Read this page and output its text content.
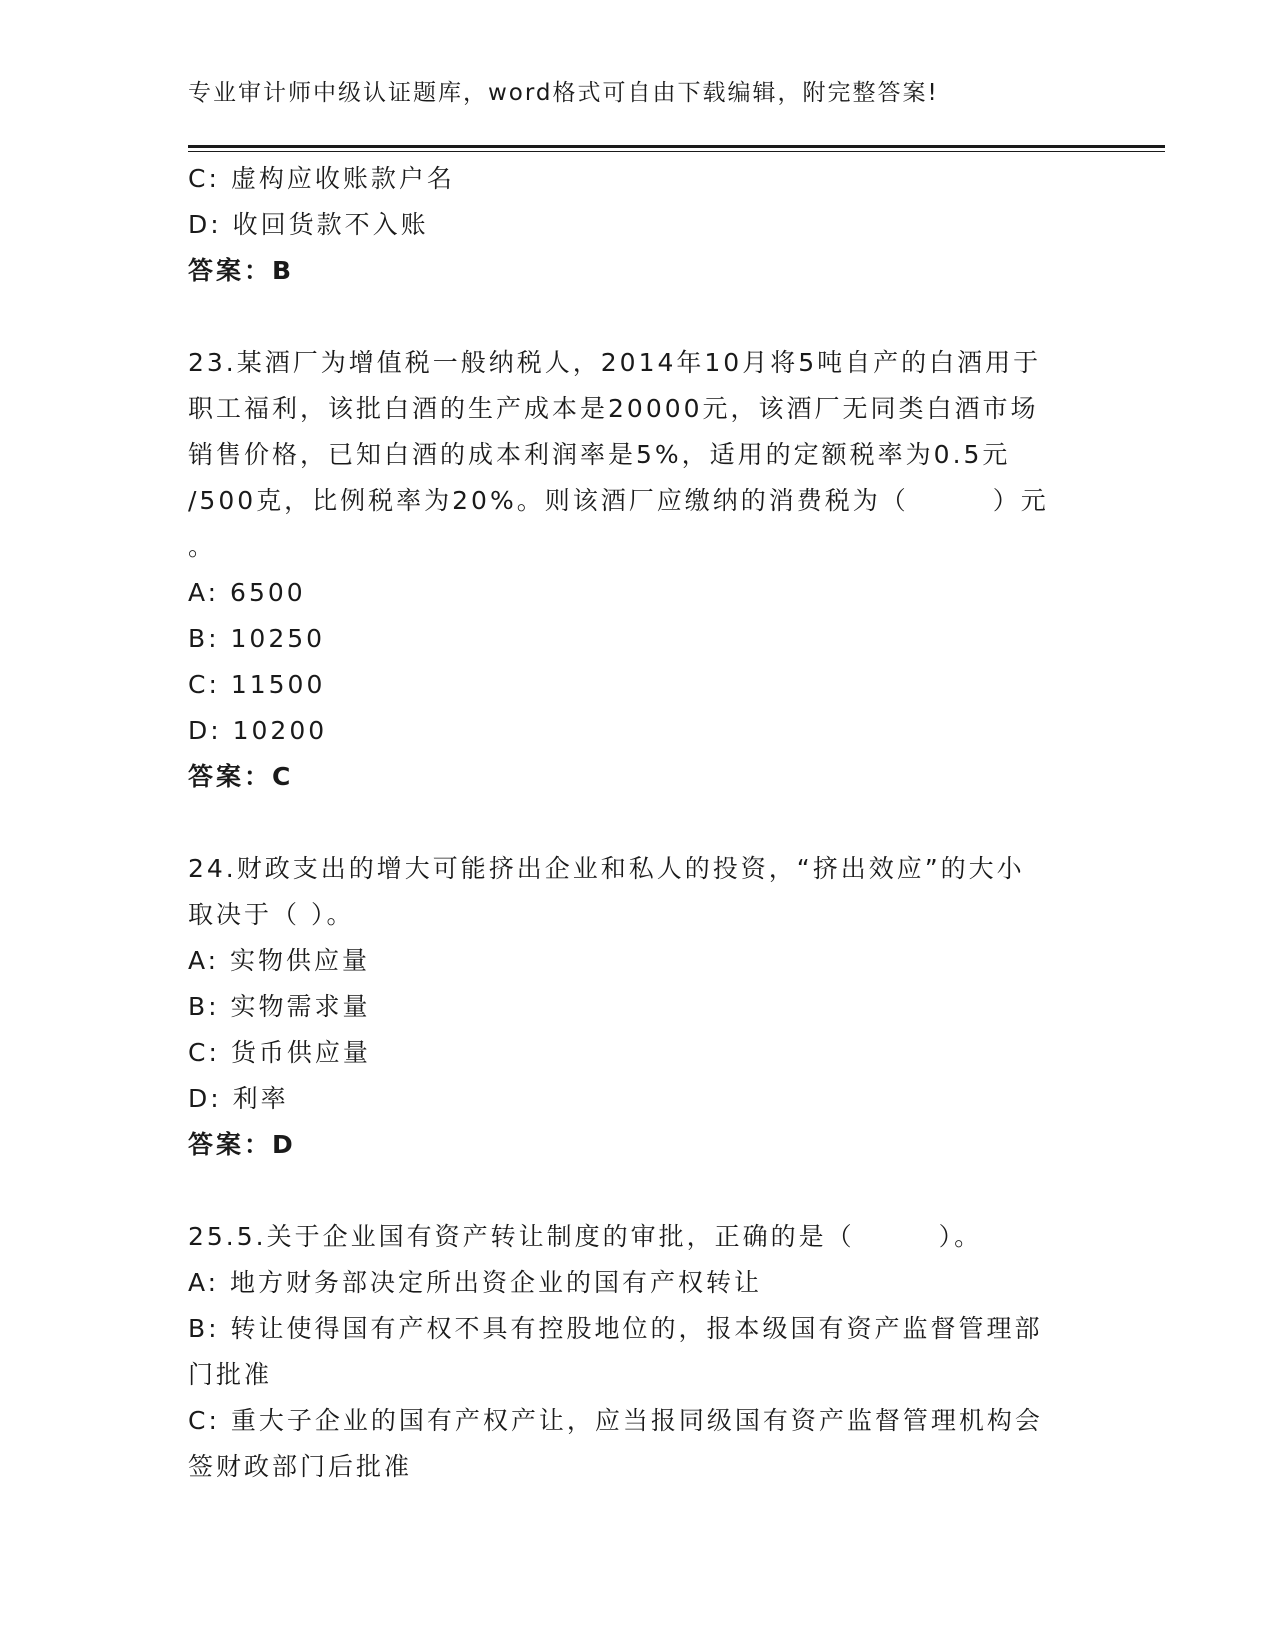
专业审计师中级认证题库，word格式可自由下载编辑，附完整答案!
C: 虚构应收账款户名
D: 收回货款不入账
答案：B
23.某酒厂为增值税一般纳税人，2014年10月将5吨自产的白酒用于
职工福利，该批白酒的生产成本是20000元，该酒厂无同类白酒市场
销售价格，已知白酒的成本利润率是5%，适用的定额税率为0.5元
/500克，比例税率为20%。则该酒厂应缴纳的消费税为（　　　）元
。
A: 6500
B: 10250
C: 11500
D: 10200
答案：C
24.财政支出的增大可能挤出企业和私人的投资，“挤出效应”的大小
取决于（ ）。
A: 实物供应量
B: 实物需求量
C: 货币供应量
D: 利率
答案：D
25.5.关于企业国有资产转让制度的审批，正确的是（　　　）。
A: 地方财务部决定所出资企业的国有产权转让
B: 转让使得国有产权不具有控股地位的，报本级国有资产监督管理部
门批准
C: 重大子企业的国有产权产让，应当报同级国有资产监督管理机构会
签财政部门后批准
